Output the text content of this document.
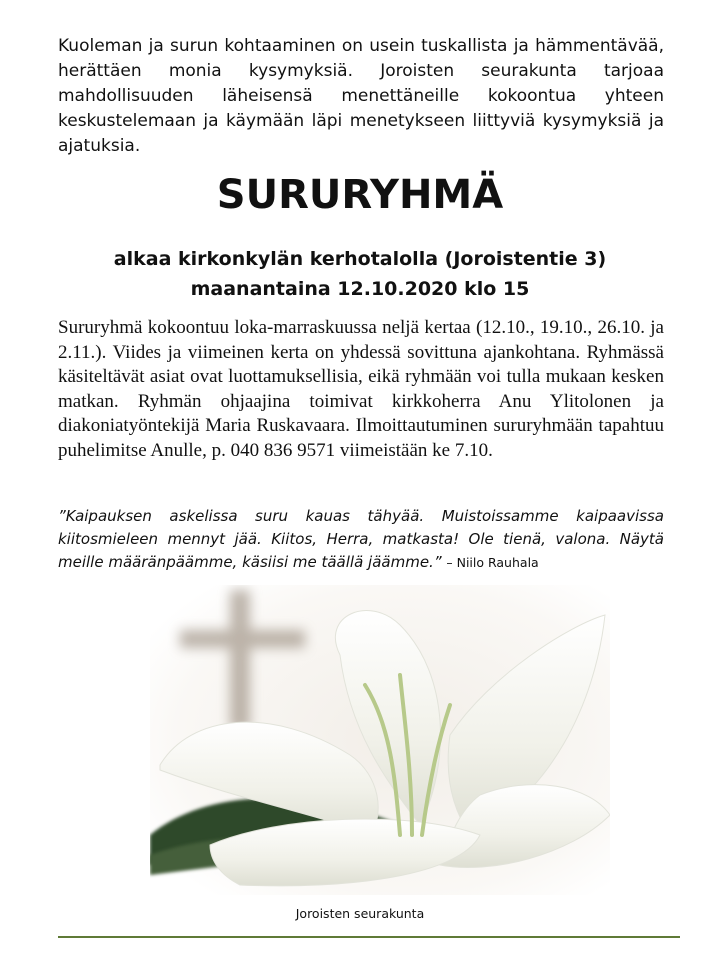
Kuoleman ja surun kohtaaminen on usein tuskallista ja hämmentävää, herättäen monia kysymyksiä. Joroisten seurakunta tarjoaa mahdollisuuden läheisensä menettäneille kokoontua yhteen keskustelemaan ja käymään läpi menetykseen liittyviä kysymyksiä ja ajatuksia.

SURURYHMÄ
alkaa kirkonkylän kerhotalolla (Joroistentie 3)
maanantaina 12.10.2020 klo 15

Sururyhmä kokoontuu loka-marraskuussa neljä kertaa (12.10., 19.10., 26.10. ja 2.11.). Viides ja viimeinen kerta on yhdessä sovittuna ajankohtana. Ryhmässä käsiteltävät asiat ovat luottamuksellisia, eikä ryhmään voi tulla mukaan kesken matkan. Ryhmän ohjaajina toimivat kirkkoherra Anu Ylitolonen ja diakoniatyöntekijä Maria Ruskavaara. Ilmoittautuminen sururyhmään tapahtuu puhelimitse Anulle, p. 040 836 9571 viimeistään ke 7.10.

”Kaipauksen askelissa suru kauas tähyää. Muistoissamme kaipaavissa kiitosmieleen mennyt jää. Kiitos, Herra, matkasta! Ole tienä, valona. Näytä meille määränpäämme, käsiisi me täällä jäämme.” – Niilo Rauhala

Joroisten seurakunta
